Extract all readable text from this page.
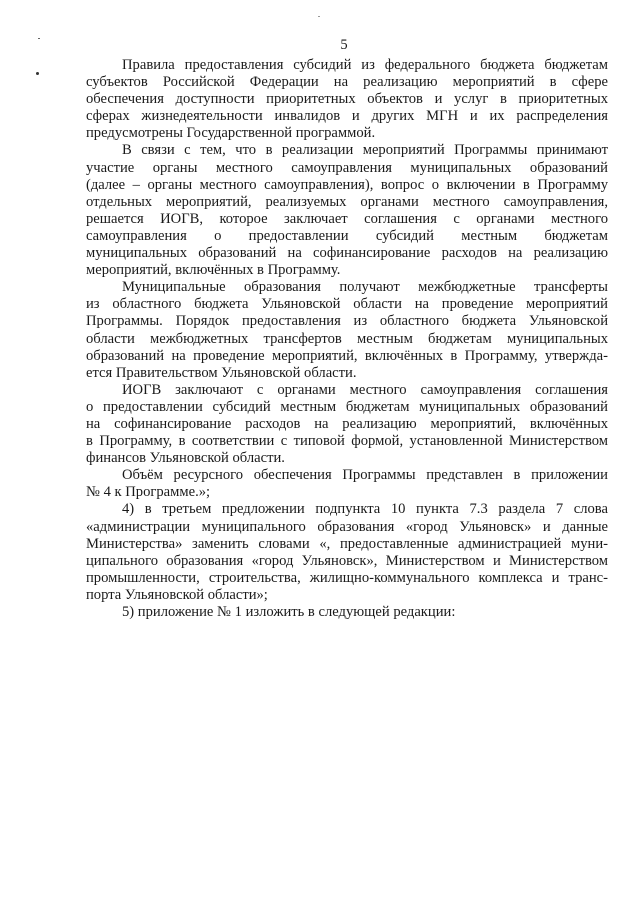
5

Правила предоставления субсидий из федерального бюджета бюджетам
субъектов Российской Федерации на реализацию мероприятий в сфере
обеспечения доступности приоритетных объектов и услуг в приоритетных
сферах жизнедеятельности инвалидов и других МГН и их распределения
предусмотрены Государственной программой.

В связи с тем, что в реализации мероприятий Программы принимают
участие органы местного самоуправления муниципальных образований
(далее – органы местного самоуправления), вопрос о включении в Программу
отдельных мероприятий, реализуемых органами местного самоуправления,
решается ИОГВ, которое заключает соглашения с органами местного
самоуправления о предоставлении субсидий местным бюджетам
муниципальных образований на софинансирование расходов на реализацию
мероприятий, включённых в Программу.

Муниципальные образования получают межбюджетные трансферты
из областного бюджета Ульяновской области на проведение мероприятий
Программы. Порядок предоставления из областного бюджета Ульяновской
области межбюджетных трансфертов местным бюджетам муниципальных
образований на проведение мероприятий, включённых в Программу, утвержда-
ется Правительством Ульяновской области.

ИОГВ заключают с органами местного самоуправления соглашения
о предоставлении субсидий местным бюджетам муниципальных образований
на софинансирование расходов на реализацию мероприятий, включённых
в Программу, в соответствии с типовой формой, установленной Министерством
финансов Ульяновской области.

Объём ресурсного обеспечения Программы представлен в приложении
№ 4 к Программе.»;

4) в третьем предложении подпункта 10 пункта 7.3 раздела 7 слова
«администрации муниципального образования «город Ульяновск» и данные
Министерства» заменить словами «, предоставленные администрацией муни-
ципального образования «город Ульяновск», Министерством и Министерством
промышленности, строительства, жилищно-коммунального комплекса и транс-
порта Ульяновской области»;

5) приложение № 1 изложить в следующей редакции:
